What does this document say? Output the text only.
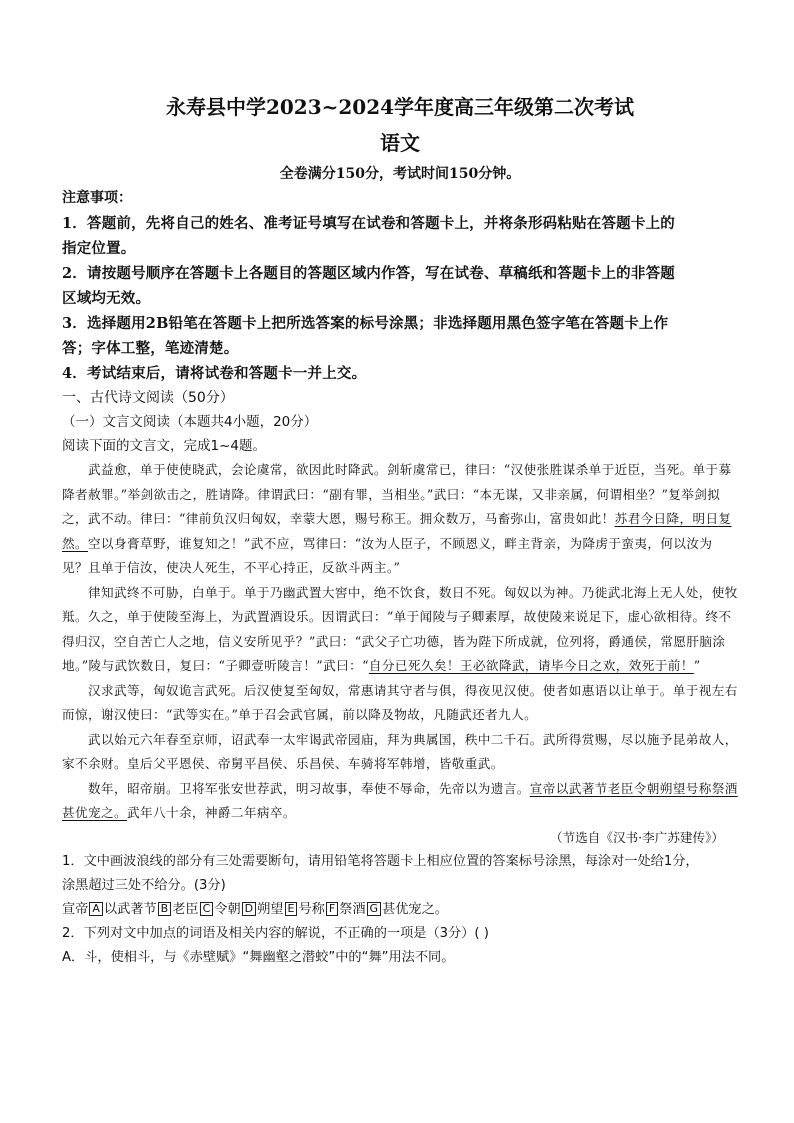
永寿县中学2023~2024学年度高三年级第二次考试
语文

全卷满分150分，考试时间150分钟。

注意事项：

1．答题前，先将自己的姓名、准考证号填写在试卷和答题卡上，并将条形码粘贴在答题卡上的

指定位置。

2．请按题号顺序在答题卡上各题目的答题区域内作答，写在试卷、草稿纸和答题卡上的非答题

区域均无效。

3．选择题用2B铅笔在答题卡上把所选答案的标号涂黑；非选择题用黑色签字笔在答题卡上作

答；字体工整，笔迹清楚。

4．考试结束后，请将试卷和答题卡一并上交。

一、古代诗文阅读（50分）

（一）文言文阅读（本题共4小题，20分）

阅读下面的文言文，完成1~4题。

武益愈，单于使使晓武，会论虞常，欲因此时降武。剑斩虞常已，律曰：“汉使张胜谋杀单于近臣，当死。单于募降者赦罪。”举剑欲击之，胜请降。律谓武曰：“副有罪，当相坐。”武曰：“本无谋，又非亲属，何谓相坐？”复举剑拟之，武不动。律曰：“律前负汉归匈奴，幸蒙大恩，赐号称王。拥众数万，马畜弥山，富贵如此！苏君今日降，明日复然。空以身膏草野，谁复知之！”武不应，骂律曰：“汝为人臣子，不顾恩义，畔主背亲，为降虏于蛮夷，何以汝为见？且单于信汝，使决人死生，不平心持正，反欲斗两主。”

律知武终不可胁，白单于。单于乃幽武置大窖中，绝不饮食，数日不死。匈奴以为神。乃徙武北海上无人处，使牧羝。久之，单于使陵至海上，为武置酒设乐。因谓武曰：“单于闻陵与子卿素厚，故使陵来说足下，虚心欲相待。终不得归汉，空自苦亡人之地，信义安所见乎？”武曰：“武父子亡功德，皆为陛下所成就，位列将，爵通侯，常愿肝脑涂地。”陵与武饮数日，复曰：“子卿壹听陵言！”武曰：“自分已死久矣！王必欲降武，请毕今日之欢，效死于前！”

汉求武等，匈奴诡言武死。后汉使复至匈奴，常惠请其守者与俱，得夜见汉使。使者如惠语以让单于。单于视左右而惊，谢汉使曰：“武等实在。”单于召会武官属，前以降及物故，凡随武还者九人。

武以始元六年春至京师，诏武奉一太牢谒武帝园庙，拜为典属国，秩中二千石。武所得赏赐，尽以施予昆弟故人，家不余财。皇后父平恩侯、帝舅平昌侯、乐昌侯、车骑将军韩增，皆敬重武。

数年，昭帝崩。卫将军张安世荐武，明习故事，奉使不辱命，先帝以为遗言。宣帝以武著节老臣令朝朔望号称祭酒甚优宠之。武年八十余，神爵二年病卒。

（节选自《汉书·李广苏建传》）

1．文中画波浪线的部分有三处需要断句，请用铅笔将答题卡上相应位置的答案标号涂黑，每涂对一处给1分，

涂黑超过三处不给分。(3分)

宣帝 A 以武著节 B 老臣 C 令朝 D 朔望 E 号称 F 祭酒 G 甚优宠之。

2．下列对文中加点的词语及相关内容的解说，不正确的一项是（3分）( )

A．斗，使相斗，与《赤壁赋》“舞幽壑之潜蛟”中的“舞”用法不同。
